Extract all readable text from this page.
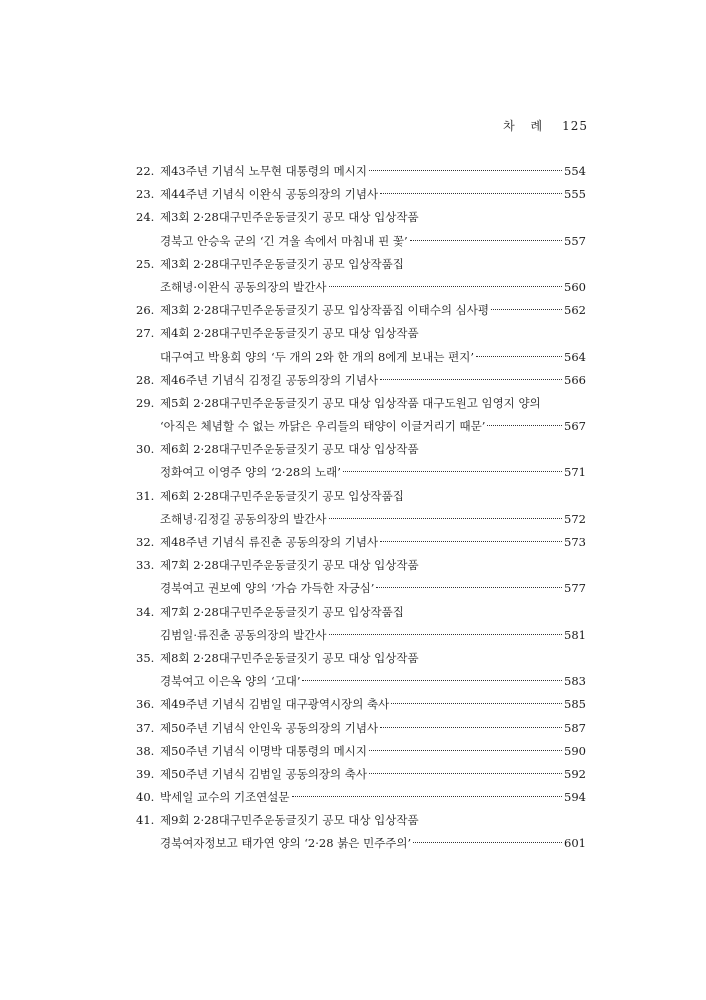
차 례 125
22. 제43주년 기념식 노무현 대통령의 메시지	554
23. 제44주년 기념식 이완식 공동의장의 기념사	555
24. 제3회 2·28대구민주운동글짓기 공모 대상 입상작품
경북고 안승욱 군의 ‘긴 겨울 속에서 마침내 핀 꽃’	557
25. 제3회 2·28대구민주운동글짓기 공모 입상작품집
조해녕·이완식 공동의장의 발간사	560
26. 제3회 2·28대구민주운동글짓기 공모 입상작품집 이태수의 심사평	562
27. 제4회 2·28대구민주운동글짓기 공모 대상 입상작품
대구여고 박용희 양의 ‘두 개의 2와 한 개의 8에게 보내는 편지’	564
28. 제46주년 기념식 김정길 공동의장의 기념사	566
29. 제5회 2·28대구민주운동글짓기 공모 대상 입상작품 대구도원고 임영지 양의
‘아직은 체념할 수 없는 까닭은 우리들의 태양이 이글거리기 때문’	567
30. 제6회 2·28대구민주운동글짓기 공모 대상 입상작품
정화여고 이영주 양의 ‘2·28의 노래’	571
31. 제6회 2·28대구민주운동글짓기 공모 입상작품집
조해녕·김정길 공동의장의 발간사	572
32. 제48주년 기념식 류진춘 공동의장의 기념사	573
33. 제7회 2·28대구민주운동글짓기 공모 대상 입상작품
경북여고 권보예 양의 ‘가슴 가득한 자긍심’	577
34. 제7회 2·28대구민주운동글짓기 공모 입상작품집
김범일·류진춘 공동의장의 발간사	581
35. 제8회 2·28대구민주운동글짓기 공모 대상 입상작품
경북여고 이은옥 양의 ‘고대’	583
36. 제49주년 기념식 김범일 대구광역시장의 축사	585
37. 제50주년 기념식 안인욱 공동의장의 기념사	587
38. 제50주년 기념식 이명박 대통령의 메시지	590
39. 제50주년 기념식 김범일 공동의장의 축사	592
40. 박세일 교수의 기조연설문	594
41. 제9회 2·28대구민주운동글짓기 공모 대상 입상작품
경북여자정보고 태가연 양의 ‘2·28 붉은 민주주의’	601
